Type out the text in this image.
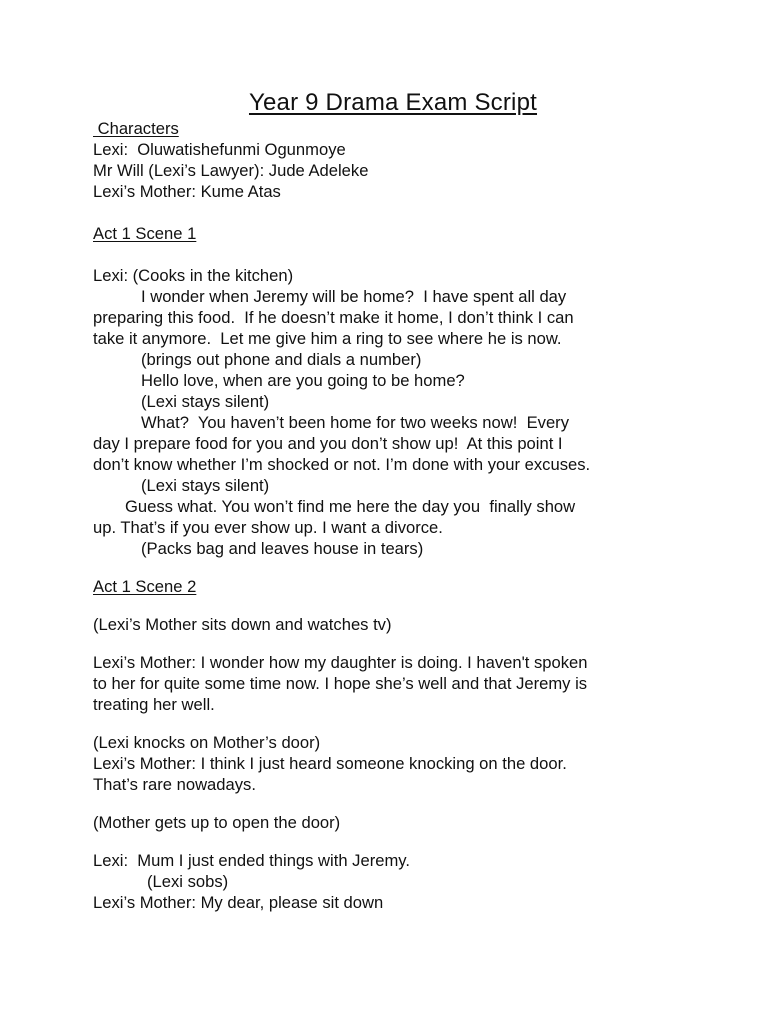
Year 9 Drama Exam Script
Characters
Lexi:  Oluwatishefunmi Ogunmoye
Mr Will (Lexi’s Lawyer): Jude Adeleke
Lexi’s Mother: Kume Atas
Act 1 Scene 1
Lexi: (Cooks in the kitchen)
I wonder when Jeremy will be home?  I have spent all day
preparing this food.  If he doesn’t make it home, I don’t think I can
take it anymore.  Let me give him a ring to see where he is now.
(brings out phone and dials a number)
Hello love, when are you going to be home?
(Lexi stays silent)
What?  You haven’t been home for two weeks now!  Every
day I prepare food for you and you don’t show up!  At this point I
don’t know whether I’m shocked or not. I’m done with your excuses.
(Lexi stays silent)
Guess what. You won’t find me here the day you  finally show
up. That’s if you ever show up. I want a divorce.
(Packs bag and leaves house in tears)
Act 1 Scene 2
(Lexi’s Mother sits down and watches tv)
Lexi’s Mother: I wonder how my daughter is doing. I haven't spoken
to her for quite some time now. I hope she’s well and that Jeremy is
treating her well.
(Lexi knocks on Mother’s door)
Lexi’s Mother: I think I just heard someone knocking on the door.
That’s rare nowadays.
(Mother gets up to open the door)
Lexi:  Mum I just ended things with Jeremy.
(Lexi sobs)
Lexi’s Mother: My dear, please sit down
